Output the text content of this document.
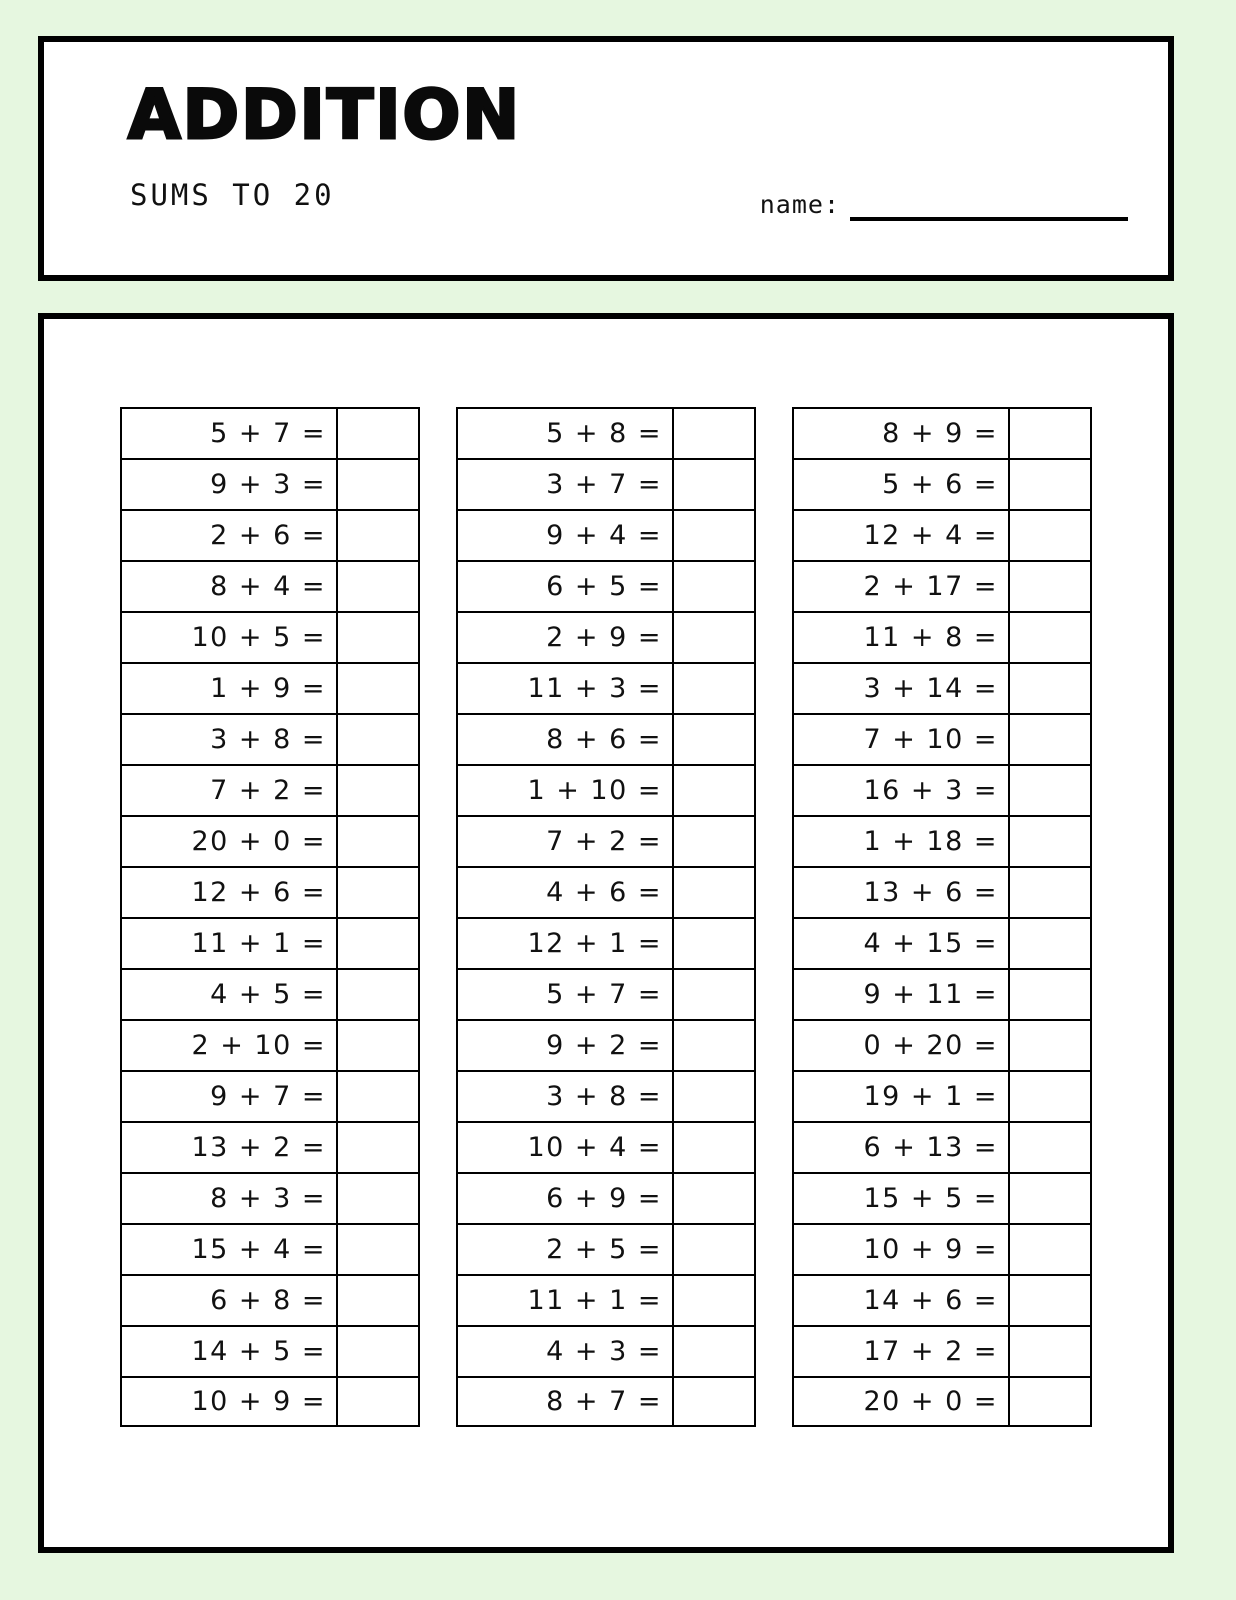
ADDITION
SUMS TO 20	name:
5 + 7 =
9 + 3 =
2 + 6 =
8 + 4 =
10 + 5 =
1 + 9 =
3 + 8 =
7 + 2 =
20 + 0 =
12 + 6 =
11 + 1 =
4 + 5 =
2 + 10 =
9 + 7 =
13 + 2 =
8 + 3 =
15 + 4 =
6 + 8 =
14 + 5 =
10 + 9 =
5 + 8 =
3 + 7 =
9 + 4 =
6 + 5 =
2 + 9 =
11 + 3 =
8 + 6 =
1 + 10 =
7 + 2 =
4 + 6 =
12 + 1 =
5 + 7 =
9 + 2 =
3 + 8 =
10 + 4 =
6 + 9 =
2 + 5 =
11 + 1 =
4 + 3 =
8 + 7 =
8 + 9 =
5 + 6 =
12 + 4 =
2 + 17 =
11 + 8 =
3 + 14 =
7 + 10 =
16 + 3 =
1 + 18 =
13 + 6 =
4 + 15 =
9 + 11 =
0 + 20 =
19 + 1 =
6 + 13 =
15 + 5 =
10 + 9 =
14 + 6 =
17 + 2 =
20 + 0 =
